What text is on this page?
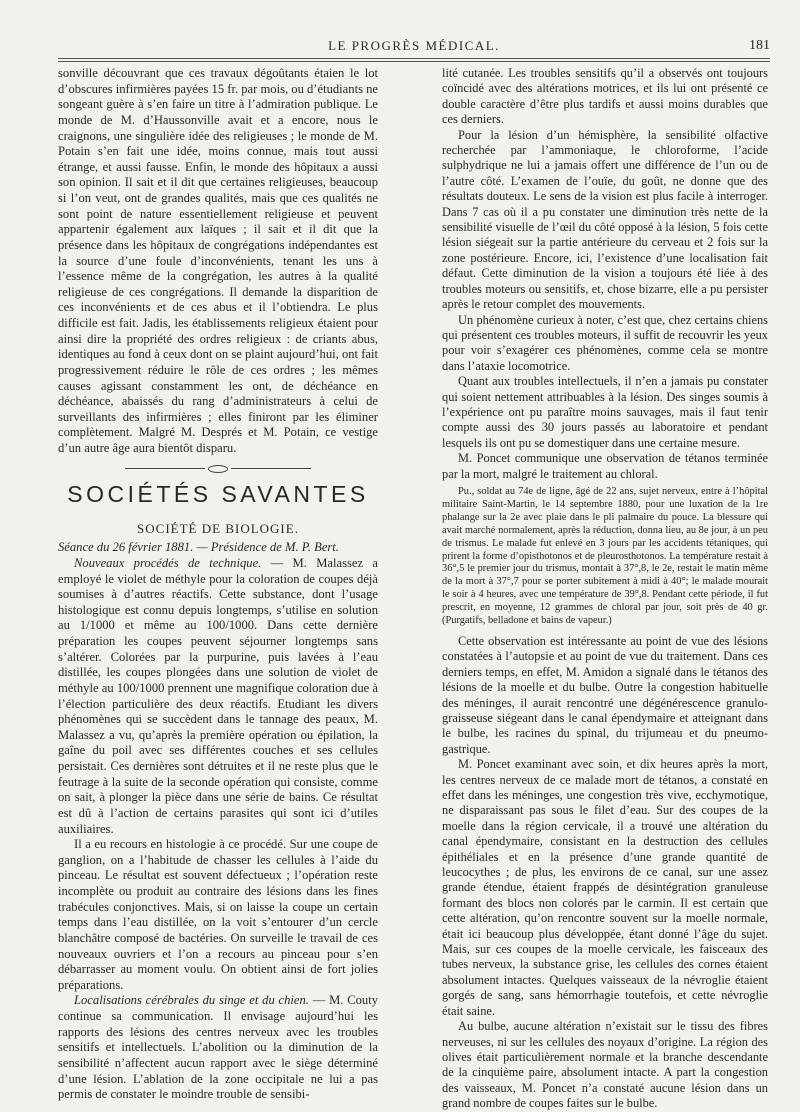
LE PROGRÈS MÉDICAL.	181

sonville découvrant que ces travaux dégoûtants étaien le lot d’obscures infirmières payées 15 fr. par mois, ou d’étudiants ne songeant guère à s’en faire un titre à l’admiration publique. Le monde de M. d’Haussonville avait et a encore, nous le craignons, une singulière idée des religieuses ; le monde de M. Potain s’en fait une idée, moins connue, mais tout aussi étrange, et aussi fausse. Enfin, le monde des hôpitaux a aussi son opinion. Il sait et il dit que certaines religieuses, beaucoup si l’on veut, ont de grandes qualités, mais que ces qualités ne sont point de nature essentiellement religieuse et peuvent appartenir également aux laïques ; il sait et il dit que la présence dans les hôpitaux de congrégations indépendantes est la source d’une foule d’inconvénients, tenant les uns à l’essence même de la congrégation, les autres à la qualité religieuse de ces congrégations. Il demande la disparition de ces inconvénients et de ces abus et il l’obtiendra. Le plus difficile est fait. Jadis, les établissements religieux étaient pour ainsi dire la propriété des ordres religieux : de criants abus, identiques au fond à ceux dont on se plaint aujourd’hui, ont fait progressivement réduire le rôle de ces ordres ; les mêmes causes agissant constamment les ont, de déchéance en déchéance, abaissés du rang d’administrateurs à celui de surveillants des infirmières ; elles finiront par les éliminer complètement. Malgré M. Després et M. Potain, ce vestige d’un autre âge aura bientôt disparu.

SOCIÉTÉS SAVANTES
SOCIÉTÉ DE BIOLOGIE.

Séance du 26 février 1881. — Présidence de M. P. Bert.

Nouveaux procédés de technique. — M. Malassez a employé le violet de méthyle pour la coloration de coupes déjà soumises à d’autres réactifs. Cette substance, dont l’usage histologique est connu depuis longtemps, s’utilise en solution au 1/1000 et même au 100/1000. Dans cette dernière préparation les coupes peuvent séjourner longtemps sans s’altérer. Colorées par la purpurine, puis lavées à l’eau distillée, les coupes plongées dans une solution de violet de méthyle au 100/1000 prennent une magnifique coloration due à l’élection particulière des deux réactifs. Etudiant les divers phénomènes qui se succèdent dans le tannage des peaux, M. Malassez a vu, qu’après la première opération ou épilation, la gaîne du poil avec ses différentes couches et ses cellules persistait. Ces dernières sont détruites et il ne reste plus que le feutrage à la suite de la seconde opération qui consiste, comme on sait, à plonger la pièce dans une série de bains. Ce résultat est dû à l’action de certains parasites qui sont ici d’utiles auxiliaires.

Il a eu recours en histologie à ce procédé. Sur une coupe de ganglion, on a l’habitude de chasser les cellules à l’aide du pinceau. Le résultat est souvent défectueux ; l’opération reste incomplète ou produit au contraire des lésions dans les fines trabécules conjonctives. Mais, si on laisse la coupe un certain temps dans l’eau distillée, on la voit s’entourer d’un cercle blanchâtre composé de bactéries. On surveille le travail de ces nouveaux ouvriers et l’on a recours au pinceau pour s’en débarrasser au moment voulu. On obtient ainsi de fort jolies préparations.

Localisations cérébrales du singe et du chien. — M. Couty continue sa communication. Il envisage aujourd’hui les rapports des lésions des centres nerveux avec les troubles sensitifs et intellectuels. L’abolition ou la diminution de la sensibilité n’affectent aucun rapport avec le siège déterminé d’une lésion. L’ablation de la zone occipitale ne lui a pas permis de constater le moindre trouble de sensibi-

lité cutanée. Les troubles sensitifs qu’il a observés ont toujours coïncidé avec des altérations motrices, et ils lui ont présenté ce double caractère d’être plus tardifs et aussi moins durables que ces derniers.

Pour la lésion d’un hémisphère, la sensibilité olfactive recherchée par l’ammoniaque, le chloroforme, l’acide sulphydrique ne lui a jamais offert une différence de l’un ou de l’autre côté. L’examen de l’ouïe, du goût, ne donne que des résultats douteux. Le sens de la vision est plus facile à interroger. Dans 7 cas où il a pu constater une diminution très nette de la sensibilité visuelle de l’œil du côté opposé à la lésion, 5 fois cette lésion siégeait sur la partie antérieure du cerveau et 2 fois sur la zone postérieure. Encore, ici, l’existence d’une localisation fait défaut. Cette diminution de la vision a toujours été liée à des troubles moteurs ou sensitifs, et, chose bizarre, elle a pu persister après le retour complet des mouvements.

Un phénomène curieux à noter, c’est que, chez certains chiens qui présentent ces troubles moteurs, il suffit de recouvrir les yeux pour voir s’exagérer ces phénomènes, comme cela se montre dans l’ataxie locomotrice.

Quant aux troubles intellectuels, il n’en a jamais pu constater qui soient nettement attribuables à la lésion. Des singes soumis à l’expérience ont pu paraître moins sauvages, mais il faut tenir compte aussi des 30 jours passés au laboratoire et pendant lesquels ils ont pu se domestiquer dans une certaine mesure.

M. Poncet communique une observation de tétanos terminée par la mort, malgré le traitement au chloral.

Pu., soldat au 74e de ligne, âgé de 22 ans, sujet nerveux, entre à l’hôpital militaire Saint-Martin, le 14 septembre 1880, pour une luxation de la 1re phalange sur la 2e avec plaie dans le pli palmaire du pouce. La blessure qui avait marché normalement, après la réduction, donna lieu, au 8e jour, à un peu de trismus. Le malade fut enlevé en 3 jours par les accidents tétaniques, qui prirent la forme d’opisthotonos et de pleurosthotonos. La température restait à 36°,5 le premier jour du trismus, montait à 37°,8, le 2e, restait le matin même de la mort à 37°,7 pour se porter subitement à midi à 40°; le malade mourait le soir à 4 heures, avec une température de 39°,8. Pendant cette période, il fut prescrit, en moyenne, 12 grammes de chloral par jour, soit près de 40 gr. (Purgatifs, belladone et bains de vapeur.)

Cette observation est intéressante au point de vue des lésions constatées à l’autopsie et au point de vue du traitement. Dans ces derniers temps, en effet, M. Amidon a signalé dans le tétanos des lésions de la moelle et du bulbe. Outre la congestion habituelle des méninges, il aurait rencontré une dégénérescence granulo-graisseuse siégeant dans le canal épendymaire et atteignant dans le bulbe, les racines du spinal, du trijumeau et du pneumo-gastrique.

M. Poncet examinant avec soin, et dix heures après la mort, les centres nerveux de ce malade mort de tétanos, a constaté en effet dans les méninges, une congestion très vive, ecchymotique, ne disparaissant pas sous le filet d’eau. Sur des coupes de la moelle dans la région cervicale, il a trouvé une altération du canal épendymaire, consistant en la destruction des cellules épithéliales et en la présence d’une grande quantité de leucocythes ; de plus, les environs de ce canal, sur une assez grande étendue, étaient frappés de désintégration granuleuse formant des blocs non colorés par le carmin. Il est certain que cette altération, qu’on rencontre souvent sur la moelle normale, était ici beaucoup plus développée, étant donné l’âge du sujet. Mais, sur ces coupes de la moelle cervicale, les faisceaux des tubes nerveux, la substance grise, les cellules des cornes étaient absolument intactes. Quelques vaisseaux de la névroglie étaient gorgés de sang, sans hémorrhagie toutefois, et cette névroglie était saine.

Au bulbe, aucune altération n’existait sur le tissu des fibres nerveuses, ni sur les cellules des noyaux d’origine. La région des olives était particulièrement normale et la branche descendante de la cinquième paire, absolument intacte. A part la congestion des vaisseaux, M. Poncet n’a constaté aucune lésion dans un grand nombre de coupes faites sur le bulbe.
